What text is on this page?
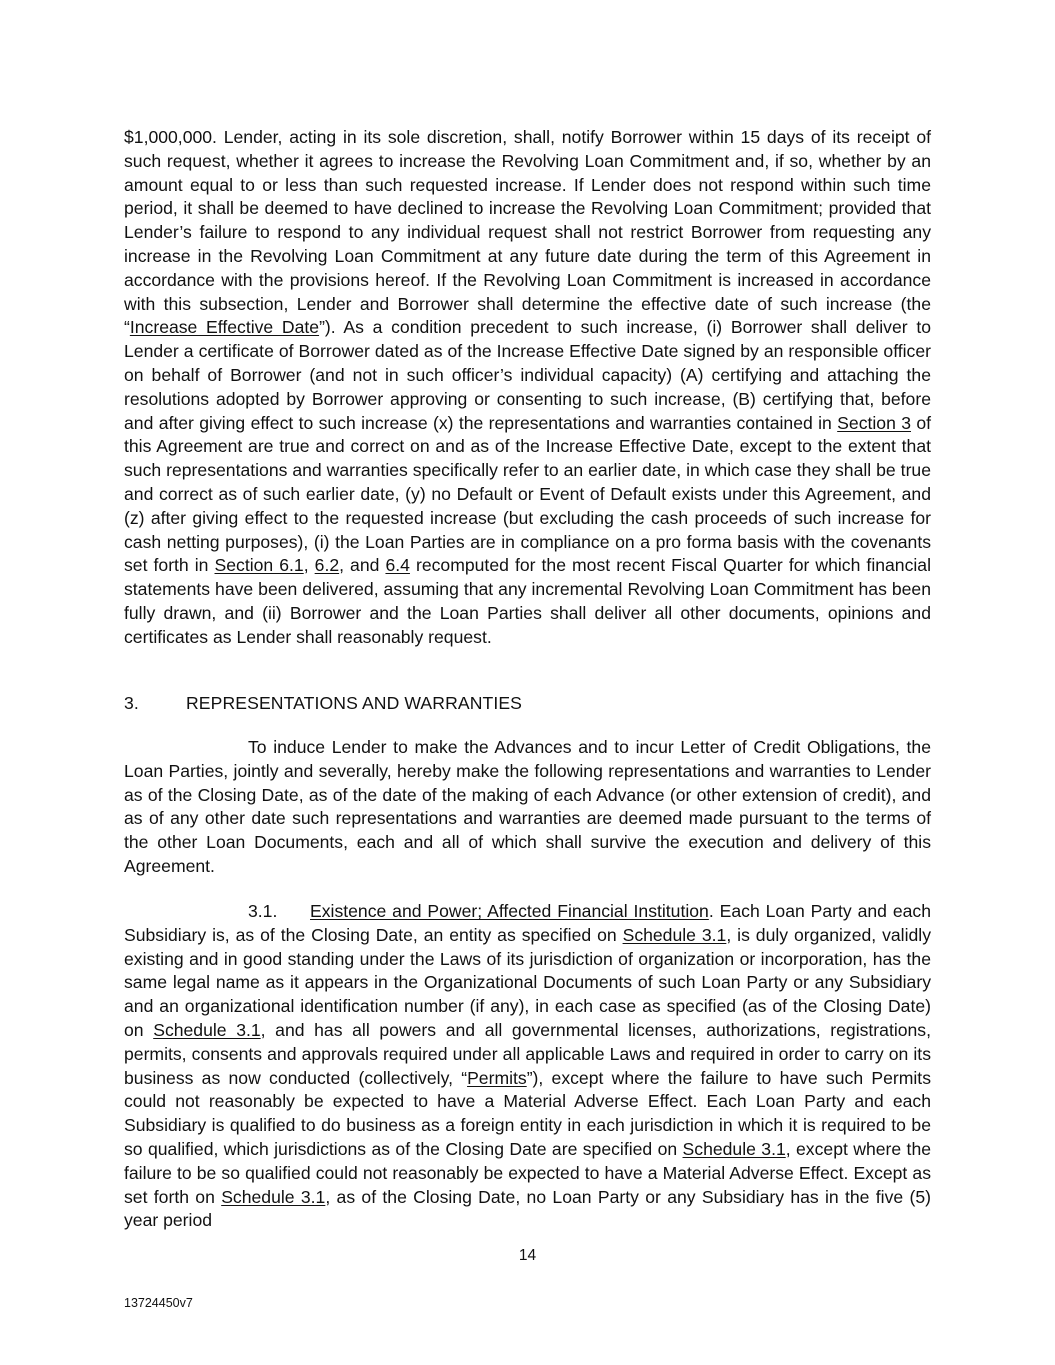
$1,000,000. Lender, acting in its sole discretion, shall, notify Borrower within 15 days of its receipt of such request, whether it agrees to increase the Revolving Loan Commitment and, if so, whether by an amount equal to or less than such requested increase. If Lender does not respond within such time period, it shall be deemed to have declined to increase the Revolving Loan Commitment; provided that Lender’s failure to respond to any individual request shall not restrict Borrower from requesting any increase in the Revolving Loan Commitment at any future date during the term of this Agreement in accordance with the provisions hereof. If the Revolving Loan Commitment is increased in accordance with this subsection, Lender and Borrower shall determine the effective date of such increase (the “Increase Effective Date”). As a condition precedent to such increase, (i) Borrower shall deliver to Lender a certificate of Borrower dated as of the Increase Effective Date signed by an responsible officer on behalf of Borrower (and not in such officer’s individual capacity) (A) certifying and attaching the resolutions adopted by Borrower approving or consenting to such increase, (B) certifying that, before and after giving effect to such increase (x) the representations and warranties contained in Section 3 of this Agreement are true and correct on and as of the Increase Effective Date, except to the extent that such representations and warranties specifically refer to an earlier date, in which case they shall be true and correct as of such earlier date, (y) no Default or Event of Default exists under this Agreement, and (z) after giving effect to the requested increase (but excluding the cash proceeds of such increase for cash netting purposes), (i) the Loan Parties are in compliance on a pro forma basis with the covenants set forth in Section 6.1, 6.2, and 6.4 recomputed for the most recent Fiscal Quarter for which financial statements have been delivered, assuming that any incremental Revolving Loan Commitment has been fully drawn, and (ii) Borrower and the Loan Parties shall deliver all other documents, opinions and certificates as Lender shall reasonably request.

3.	REPRESENTATIONS AND WARRANTIES

To induce Lender to make the Advances and to incur Letter of Credit Obligations, the Loan Parties, jointly and severally, hereby make the following representations and warranties to Lender as of the Closing Date, as of the date of the making of each Advance (or other extension of credit), and as of any other date such representations and warranties are deemed made pursuant to the terms of the other Loan Documents, each and all of which shall survive the execution and delivery of this Agreement.

3.1. Existence and Power; Affected Financial Institution. Each Loan Party and each Subsidiary is, as of the Closing Date, an entity as specified on Schedule 3.1, is duly organized, validly existing and in good standing under the Laws of its jurisdiction of organization or incorporation, has the same legal name as it appears in the Organizational Documents of such Loan Party or any Subsidiary and an organizational identification number (if any), in each case as specified (as of the Closing Date) on Schedule 3.1, and has all powers and all governmental licenses, authorizations, registrations, permits, consents and approvals required under all applicable Laws and required in order to carry on its business as now conducted (collectively, “Permits”), except where the failure to have such Permits could not reasonably be expected to have a Material Adverse Effect. Each Loan Party and each Subsidiary is qualified to do business as a foreign entity in each jurisdiction in which it is required to be so qualified, which jurisdictions as of the Closing Date are specified on Schedule 3.1, except where the failure to be so qualified could not reasonably be expected to have a Material Adverse Effect. Except as set forth on Schedule 3.1, as of the Closing Date, no Loan Party or any Subsidiary has in the five (5) year period

14
13724450v7
